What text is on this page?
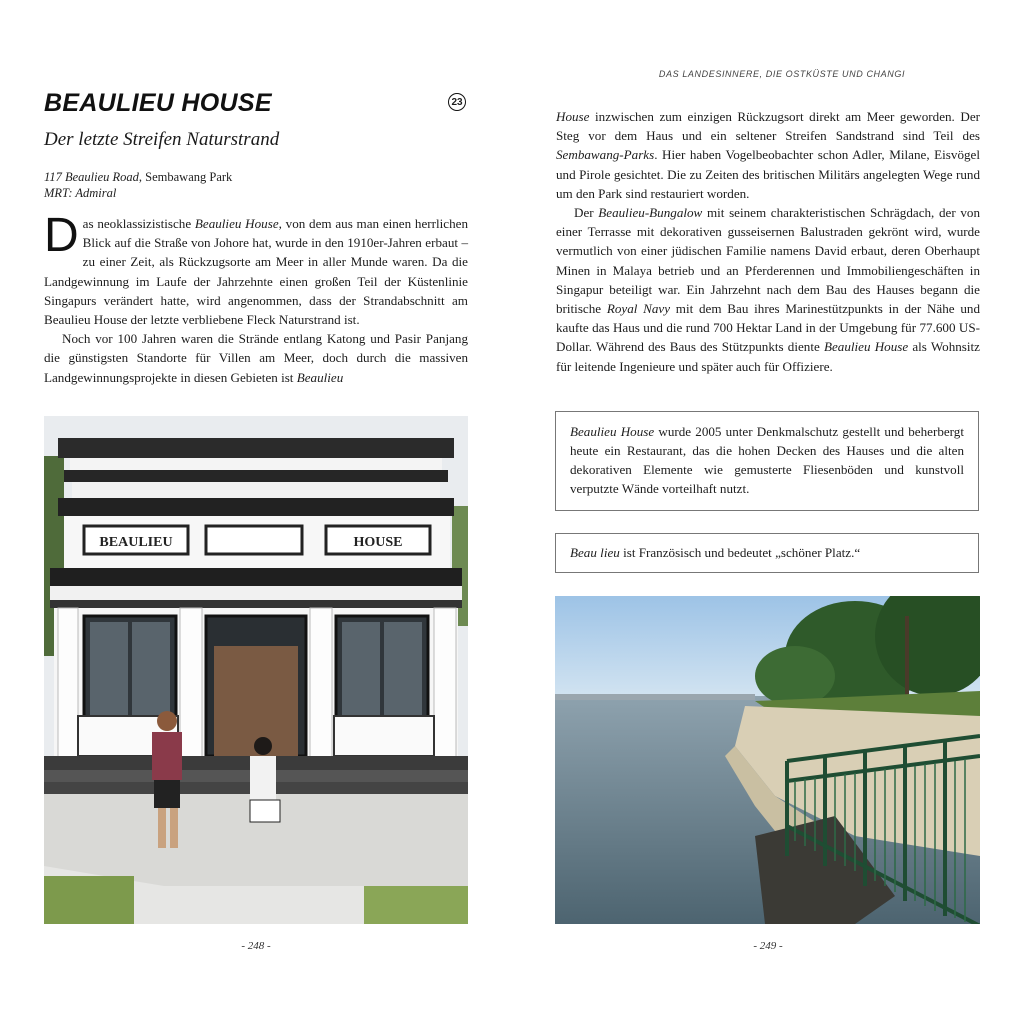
BEAULIEU HOUSE	23
Der letzte Streifen Naturstrand
117 Beaulieu Road, Sembawang Park
MRT: Admiral

Das neoklassizistische Beaulieu House, von dem aus man einen herrlichen Blick auf die Straße von Johore hat, wurde in den 1910er-Jahren erbaut – zu einer Zeit, als Rückzugsorte am Meer in aller Munde waren. Da die Landgewinnung im Laufe der Jahrzehnte einen großen Teil der Küstenlinie Singapurs verändert hatte, wird angenommen, dass der Strandabschnitt am Beaulieu House der letzte verbliebene Fleck Naturstrand ist.

Noch vor 100 Jahren waren die Strände entlang Katong und Pasir Panjang die günstigsten Standorte für Villen am Meer, doch durch die massiven Landgewinnungsprojekte in diesen Gebieten ist Beaulieu

BEAULIEU	HOUSE
- 248 -
DAS LANDESINNERE, DIE OSTKÜSTE UND CHANGI

House inzwischen zum einzigen Rückzugsort direkt am Meer geworden. Der Steg vor dem Haus und ein seltener Streifen Sandstrand sind Teil des Sembawang-Parks. Hier haben Vogelbeobachter schon Adler, Milane, Eisvögel und Pirole gesichtet. Die zu Zeiten des britischen Militärs angelegten Wege rund um den Park sind restauriert worden.

Der Beaulieu-Bungalow mit seinem charakteristischen Schrägdach, der von einer Terrasse mit dekorativen gusseisernen Balustraden gekrönt wird, wurde vermutlich von einer jüdischen Familie namens David erbaut, deren Oberhaupt Minen in Malaya betrieb und an Pferderennen und Immobiliengeschäften in Singapur beteiligt war. Ein Jahrzehnt nach dem Bau des Hauses begann die britische Royal Navy mit dem Bau ihres Marinestützpunkts in der Nähe und kaufte das Haus und die rund 700 Hektar Land in der Umgebung für 77.600 US-Dollar. Während des Baus des Stützpunkts diente Beaulieu House als Wohnsitz für leitende Ingenieure und später auch für Offiziere.

Beaulieu House wurde 2005 unter Denkmalschutz gestellt und beherbergt heute ein Restaurant, das die hohen Decken des Hauses und die alten dekorativen Elemente wie gemusterte Fliesenböden und kunstvoll verputzte Wände vorteilhaft nutzt.
Beau lieu ist Französisch und bedeutet „schöner Platz.“
- 249 -
